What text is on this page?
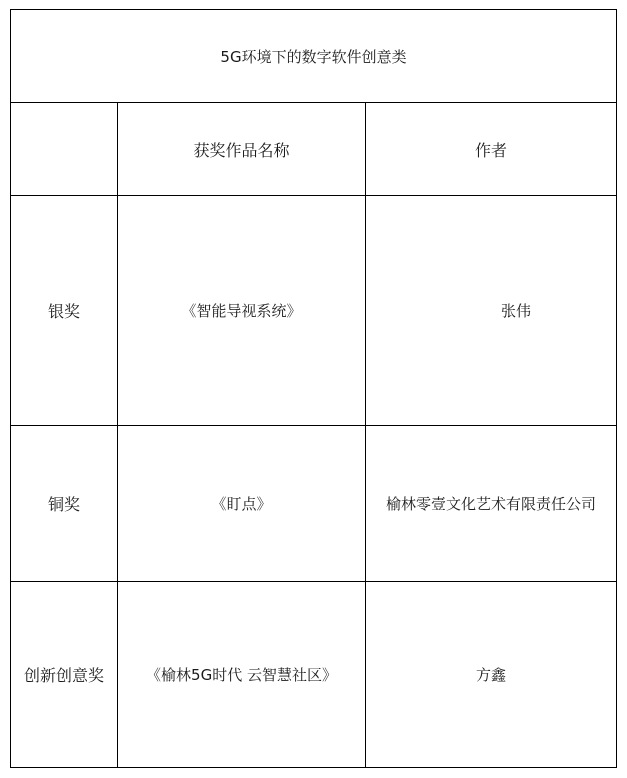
5G环境下的数字软件创意类		
	获奖作品名称	作者
银奖	《智能导视系统》	张伟
铜奖	《盯点》	榆林零壹文化艺术有限责任公司
创新创意奖	《榆林5G时代 云智慧社区》	方鑫
